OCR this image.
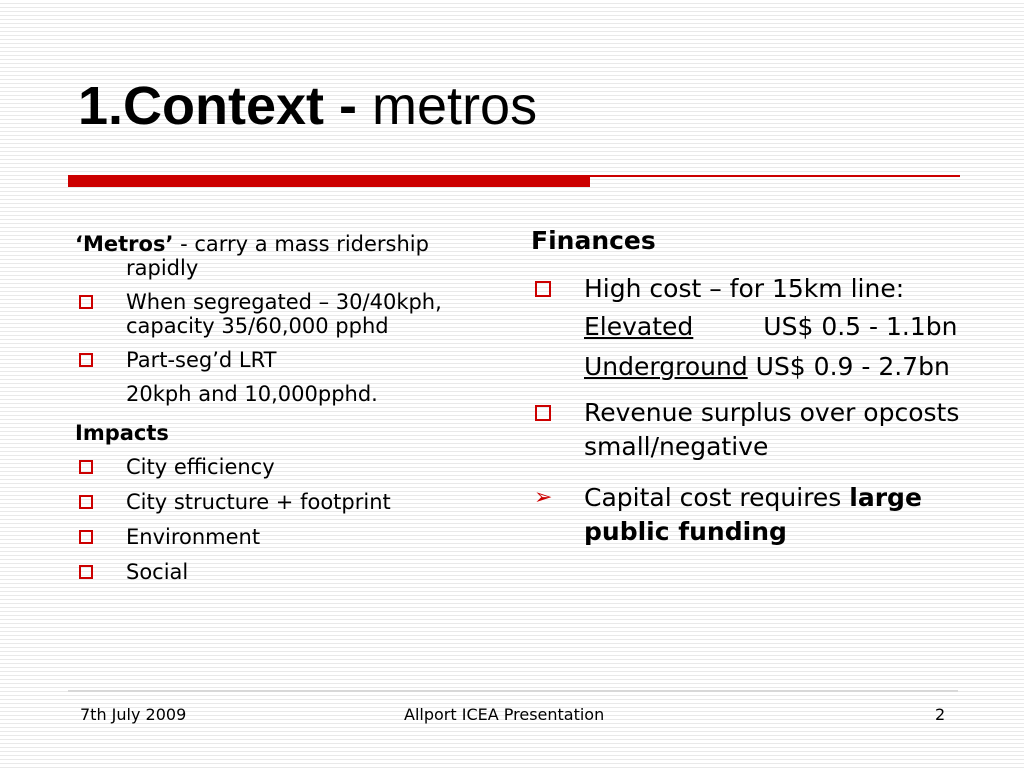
1.Context - metros
‘Metros’ - carry a mass ridership rapidly
When segregated – 30/40kph, capacity 35/60,000 pphd
Part-seg’d LRT
20kph and 10,000pphd.
Impacts
City efficiency
City structure + footprint
Environment
Social
Finances
High cost – for 15km line:
Elevated	US$ 0.5 - 1.1bn
Underground US$ 0.9 - 2.7bn
Revenue surplus over opcosts small/negative
➢ Capital cost requires large public funding
7th July 2009	Allport ICEA Presentation	2
